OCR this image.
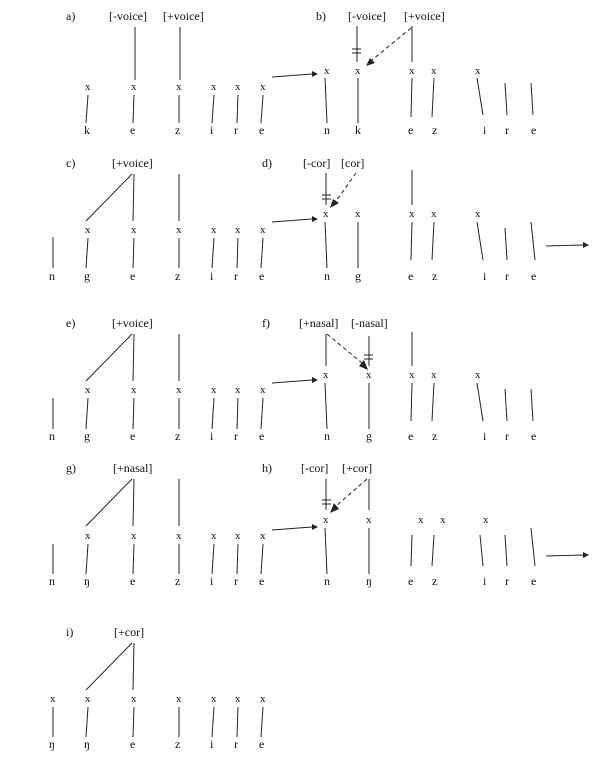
a)	[-voice] [+voice]
x	x	x	x x x
k	e	z i r e
b) [-voice] [+voice]
x x	x x	x
n k	e z	i r e
c)	[+voice]
x	x	x	x x x
n g	e	z i r e
d)	[-cor] [cor]
x x	x x	x
n g	e z	i r e
e)	[+voice]
x	x	x	x x x
n g	e	z i r e
f) [+nasal] [-nasal]
x	x	x x	x
n	g	e z	i r e
g)	[+nasal]
x	x	x	x x x
n ŋ	e	z i r e
h) [-cor] [+cor]
x	x	x x	x
n	ŋ	e z	i r e
i)	[+cor]
x	x	x	x	x x x
ŋ ŋ	e	z i r e
